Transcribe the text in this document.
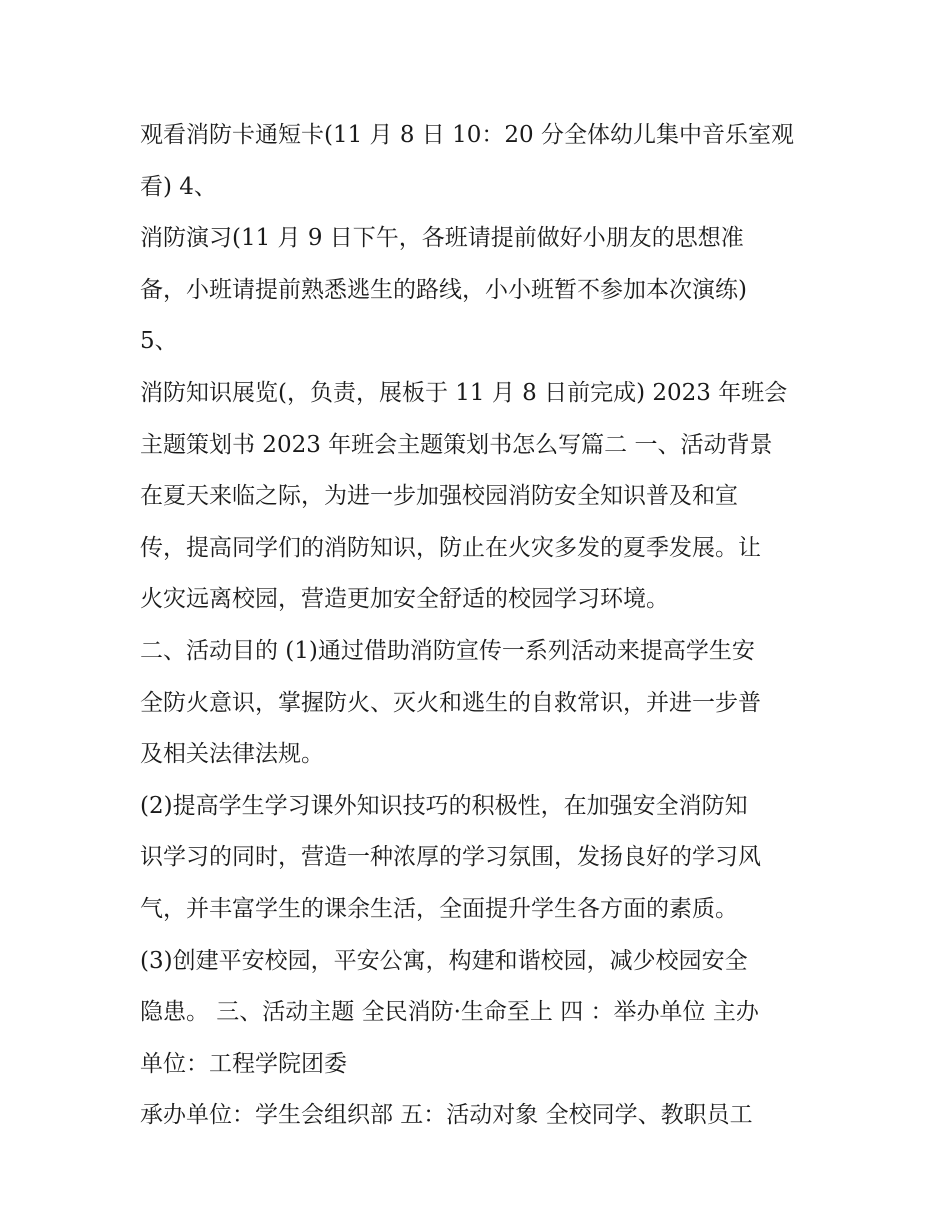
观看消防卡通短卡(11 月 8 日 10：20 分全体幼儿集中音乐室观
看) 4、
消防演习(11 月 9 日下午，各班请提前做好小朋友的思想准
备，小班请提前熟悉逃生的路线，小小班暂不参加本次演练)
5、
消防知识展览(，负责，展板于 11 月 8 日前完成) 2023 年班会
主题策划书 2023 年班会主题策划书怎么写篇二 一、活动背景
在夏天来临之际，为进一步加强校园消防安全知识普及和宣
传，提高同学们的消防知识，防止在火灾多发的夏季发展。让
火灾远离校园，营造更加安全舒适的校园学习环境。
二、活动目的 (1)通过借助消防宣传一系列活动来提高学生安
全防火意识，掌握防火、灭火和逃生的自救常识，并进一步普
及相关法律法规。
(2)提高学生学习课外知识技巧的积极性，在加强安全消防知
识学习的同时，营造一种浓厚的学习氛围，发扬良好的学习风
气，并丰富学生的课余生活，全面提升学生各方面的素质。
(3)创建平安校园，平安公寓，构建和谐校园，减少校园安全
隐患。 三、活动主题 全民消防·生命至上 四 ：举办单位 主办
单位：工程学院团委
承办单位：学生会组织部 五：活动对象 全校同学、教职员工
